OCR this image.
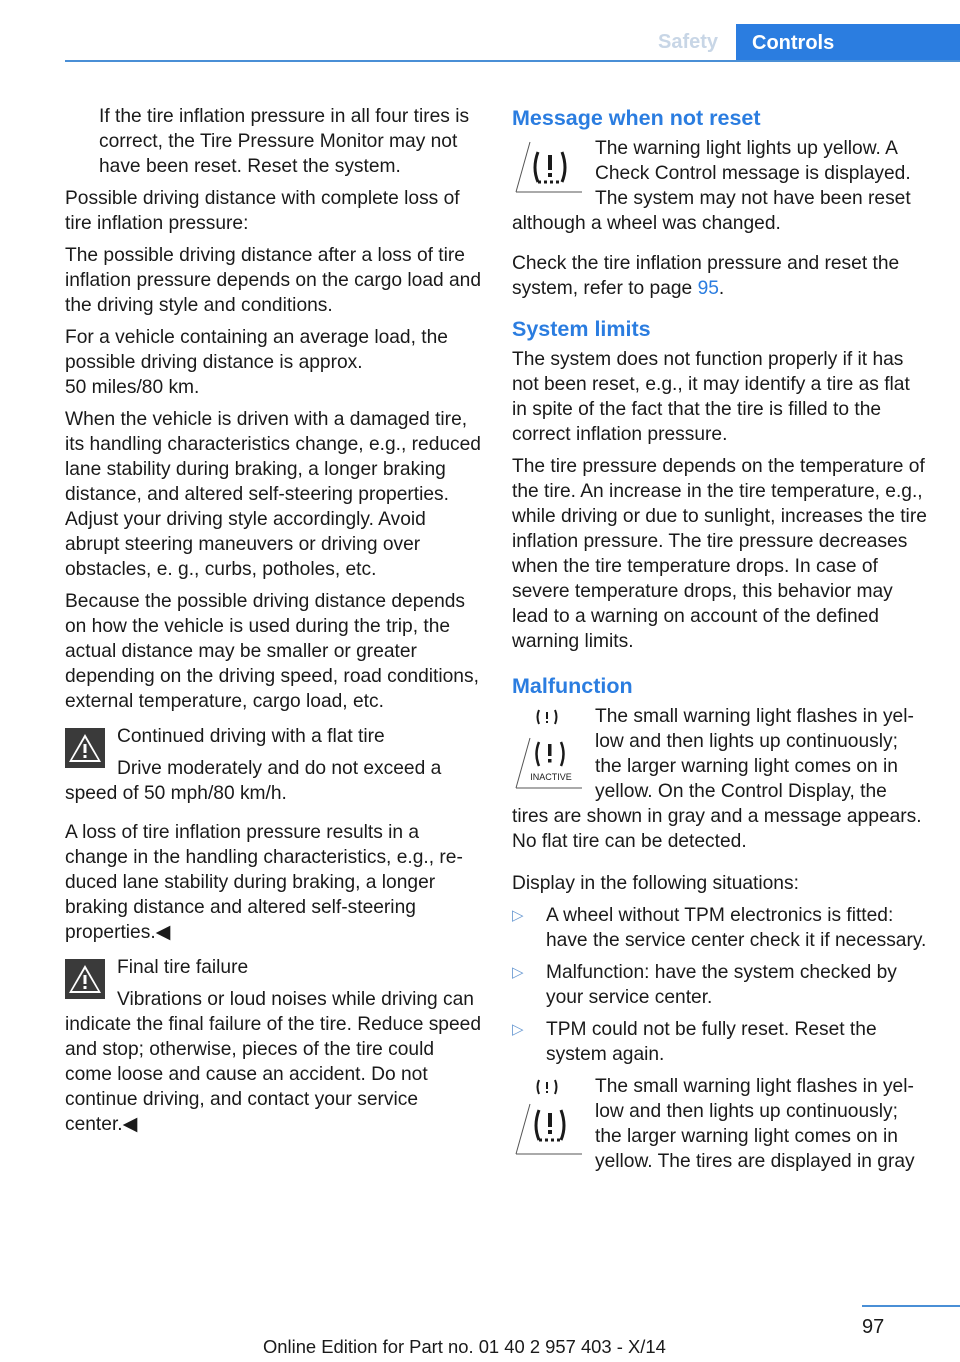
Safety	Controls

If the tire inflation pressure in all four tires is correct, the Tire Pressure Monitor may not have been reset. Reset the system.

Possible driving distance with complete loss of tire inflation pressure:

The possible driving distance after a loss of tire inflation pressure depends on the cargo load and the driving style and conditions.

For a vehicle containing an average load, the possible driving distance is approx.
50 miles/80 km.

When the vehicle is driven with a damaged tire, its handling characteristics change, e.g., reduced lane stability during braking, a longer braking distance, and altered self-steering properties. Adjust your driving style accordingly. Avoid abrupt steering maneuvers or driving over obstacles, e. g., curbs, potholes, etc.

Because the possible driving distance depends on how the vehicle is used during the trip, the actual distance may be smaller or greater depending on the driving speed, road conditions, external temperature, cargo load, etc.

Continued driving with a flat tire

Drive moderately and do not exceed a speed of 50 mph/80 km/h.

A loss of tire inflation pressure results in a change in the handling characteristics, e.g., reduced lane stability during braking, a longer braking distance and altered self-steering properties.◀

Final tire failure

Vibrations or loud noises while driving can indicate the final failure of the tire. Reduce speed and stop; otherwise, pieces of the tire could come loose and cause an accident. Do not continue driving, and contact your service center.◀

Message when not reset

The warning light lights up yellow. A Check Control message is displayed. The system may not have been reset although a wheel was changed.

Check the tire inflation pressure and reset the system, refer to page 95.

System limits

The system does not function properly if it has not been reset, e.g., it may identify a tire as flat in spite of the fact that the tire is filled to the correct inflation pressure.

The tire pressure depends on the temperature of the tire. An increase in the tire temperature, e.g., while driving or due to sunlight, increases the tire inflation pressure. The tire pressure decreases when the tire temperature drops. In case of severe temperature drops, this behavior may lead to a warning on account of the defined warning limits.

Malfunction
INACTIVE

The small warning light flashes in yellow and then lights up continuously; the larger warning light comes on in yellow. On the Control Display, the tires are shown in gray and a message appears. No flat tire can be detected.

Display in the following situations:

▷ A wheel without TPM electronics is fitted: have the service center check it if necessary.
▷ Malfunction: have the system checked by your service center.
▷ TPM could not be fully reset. Reset the system again.

The small warning light flashes in yellow and then lights up continuously; the larger warning light comes on in yellow. The tires are displayed in gray

97
Online Edition for Part no. 01 40 2 957 403 - X/14
